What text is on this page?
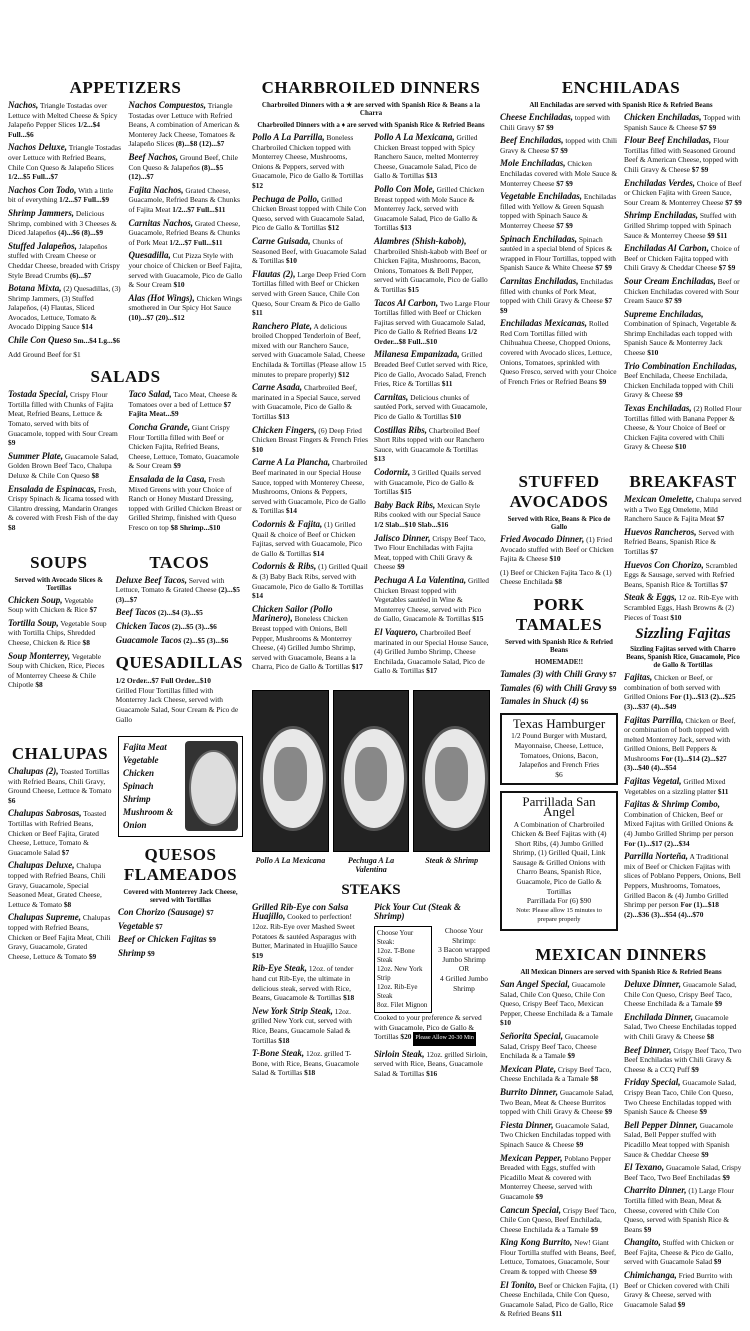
APPETIZERS
Nachos, Triangle Tostadas over Lettuce with Melted Cheese & Spicy Jalapeño Pepper Slices 1/2...$4 Full...$6
Nachos Deluxe, Triangle Tostadas over Lettuce with Refried Beans, Chile Con Queso & Jalapeño Slices 1/2...$5 Full...$7
Nachos Con Todo, With a little bit of everything 1/2...$7 Full...$9
Shrimp Jammers, Delicious Shrimp, combined with 3 Cheeses & Diced Jalapeños (4)...$6 (8)...$9
Stuffed Jalapeños, Jalapeños stuffed with Cream Cheese or Cheddar Cheese, breaded with Crispy Style Bread Crumbs (6)...$7
Botana Mixta, (2) Quesadillas, (3) Shrimp Jammers, (3) Stuffed Jalapeños, (4) Flautas, Sliced Avocados, Lettuce, Tomato & Avocado Dipping Sauce $14
Chile Con Queso Sm...$4 Lg...$6
Nachos Compuestos, Triangle Tostadas over Lettuce with Refried Beans, A combination of American & Monterey Jack Cheese, Tomatoes & Jalapeño Slices (8)...$8 (12)...$7
Beef Nachos, Ground Beef, Chile Con Queso & Jalapeños (8)...$5 (12)...$7
Fajita Nachos, Grated Cheese, Guacamole, Refried Beans & Chunks of Fajita Meat 1/2...$7 Full...$11
Carnitas Nachos, Grated Cheese, Guacamole, Refried Beans & Chunks of Pork Meat 1/2...$7 Full...$11
Quesadilla, Cut Pizza Style with your choice of Chicken or Beef Fajita, served with Guacamole, Pico de Gallo & Sour Cream $10
Alas (Hot Wings), Chicken Wings smothered in Our Spicy Hot Sauce (10)...$7 (20)...$12
Add Ground Beef for $1
SALADS
Tostada Special, Crispy Flour Tortilla filled with Chunks of Fajita Meat, Refried Beans, Lettuce & Tomato, served with bits of Guacamole, topped with Sour Cream $9
Summer Plate, Guacamole Salad, Golden Brown Beef Taco, Chalupa Deluxe & Chile Con Queso $8
Ensalada de Espinacas, Fresh, Crispy Spinach & Jicama tossed with Cilantro dressing, Mandarin Oranges & covered with Fresh Fish of the day $8
Taco Salad, Taco Meat, Cheese & Tomatoes over a bed of Lettuce $7 Fajita Meat...$9
Concha Grande, Giant Crispy Flour Tortilla filled with Beef or Chicken Fajita, Refried Beans, Cheese, Lettuce, Tomato, Guacamole & Sour Cream $9
Ensalada de la Casa, Fresh Mixed Greens with your Choice of Ranch or Honey Mustard Dressing, topped with Grilled Chicken Breast or Grilled Shrimp, finished with Queso Fresco on top $8 Shrimp...$10
SOUPS
Served with Avocado Slices & Tortillas
Chicken Soup, Vegetable Soup with Chicken & Rice $7
Tortilla Soup, Vegetable Soup with Tortilla Chips, Shredded Cheese, Chicken & Rice $8
Soup Monterrey, Vegetable Soup with Chicken, Rice, Pieces of Monterrey Cheese & Chile Chipotle $8
TACOS
Deluxe Beef Tacos, Served with Lettuce, Tomato & Grated Cheese (2)...$5 (3)...$7
Beef Tacos (2)...$4 (3)...$5
Chicken Tacos (2)...$5 (3)...$6
Guacamole Tacos (2)...$5 (3)...$6
QUESADILLAS
1/2 Order...$7 Full Order...$10
Grilled Flour Tortillas filled with Monterrey Jack Cheese, served with Guacamole Salad, Sour Cream & Pico de Gallo
CHALUPAS
Chalupas (2), Toasted Tortillas with Refried Beans, Chili Gravy, Ground Cheese, Lettuce & Tomato $6
Chalupas Sabrosas, Toasted Tortillas with Refried Beans, Chicken or Beef Fajita, Grated Cheese, Lettuce, Tomato & Guacamole Salad $7
Chalupas Deluxe, Chalupa topped with Refried Beans, Chili Gravy, Guacamole, Special Seasoned Meat, Grated Cheese, Lettuce & Tomato $8
Chalupas Supreme, Chalupas topped with Refried Beans, Chicken or Beef Fajita Meat, Chili Gravy, Guacamole, Grated Cheese, Lettuce & Tomato $9
Fajita Meat
Vegetable
Chicken
Spinach
Shrimp
Mushroom & Onion
QUESOS FLAMEADOS
Covered with Monterrey Jack Cheese, served with Tortillas
Con Chorizo (Sausage) $7
Vegetable $7
Beef or Chicken Fajitas $9
Shrimp $9
CHARBROILED DINNERS
Charbroiled Dinners with a ★ are served with Spanish Rice & Beans a la Charra
Charbroiled Dinners with a ♦ are served with Spanish Rice & Refried Beans
Pollo A La Parrilla, Boneless Charbroiled Chicken topped with Monterrey Cheese, Mushrooms, Onions & Peppers, served with Guacamole, Pico de Gallo & Tortillas $12
Pechuga de Pollo, Grilled Chicken Breast topped with Chile Con Queso, served with Guacamole Salad, Pico de Gallo & Tortillas $12
Carne Guisada, Chunks of Seasoned Beef, with Guacamole Salad & Tortillas $10
Flautas (2), Large Deep Fried Corn Tortillas filled with Beef or Chicken served with Green Sauce, Chile Con Queso, Sour Cream & Pico de Gallo $11
Ranchero Plate, A delicious broiled Chopped Tenderloin of Beef, mixed with our Ranchero Sauce, served with Guacamole Salad, Cheese Enchilada & Tortillas (Please allow 15 minutes to prepare properly) $12
Carne Asada, Charbroiled Beef, marinated in a Special Sauce, served with Guacamole, Pico de Gallo & Tortillas $13
Chicken Fingers, (6) Deep Fried Chicken Breast Fingers & French Fries $10
Carne A La Plancha, Charbroiled Beef marinated in our Special House Sauce, topped with Monterey Cheese, Mushrooms, Onions & Peppers, served with Guacamole, Pico de Gallo & Tortillas $14
Codornis & Fajita, (1) Grilled Quail & choice of Beef or Chicken Fajitas, served with Guacamole, Pico de Gallo & Tortillas $14
Codornis & Ribs, (1) Grilled Quail & (3) Baby Back Ribs, served with Guacamole, Pico de Gallo & Tortillas $14
Chicken Sailor (Pollo Marinero), Boneless Chicken Breast topped with Onions, Bell Pepper, Mushrooms & Monterrey Cheese, (4) Grilled Jumbo Shrimp, served with Guacamole, Beans a la Charra, Pico de Gallo & Tortillas $17
Pollo A La Mexicana, Grilled Chicken Breast topped with Spicy Ranchero Sauce, melted Monterrey Cheese, Guacamole Salad, Pico de Gallo & Tortillas $13
Pollo Con Mole, Grilled Chicken Breast topped with Mole Sauce & Monterrey Jack, served with Guacamole Salad, Pico de Gallo & Tortillas $13
Alambres (Shish-kabob), Charbroiled Shish-kabob with Beef or Chicken Fajita, Mushrooms, Bacon, Onions, Tomatoes & Bell Pepper, served with Guacamole, Pico de Gallo & Tortillas $15
Tacos Al Carbon, Two Large Flour Tortillas filled with Beef or Chicken Fajitas served with Guacamole Salad, Pico de Gallo & Refried Beans 1/2 Order...$8 Full...$10
Milanesa Empanizada, Grilled Breaded Beef Cutlet served with Rice, Pico de Gallo, Avocado Salad, French Fries, Rice & Tortillas $11
Carnitas, Delicious chunks of sautéed Pork, served with Guacamole, Pico de Gallo & Tortillas $10
Costillas Ribs, Charbroiled Beef Short Ribs topped with our Ranchero Sauce, with Guacamole & Tortillas $13
Codorniz, 3 Grilled Quails served with Guacamole, Pico de Gallo & Tortillas $15
Baby Back Ribs, Mexican Style Ribs cooked with our Special Sauce 1/2 Slab...$10 Slab...$16
Jalisco Dinner, Crispy Beef Taco, Two Flour Enchiladas with Fajita Meat, topped with Chili Gravy & Cheese $9
Pechuga A La Valentina, Grilled Chicken Breast topped with Vegetables sautéed in Wine & Monterrey Cheese, served with Pico de Gallo, Guacamole & Tortillas $15
El Vaquero, Charbroiled Beef marinated in our Special House Sauce, (4) Grilled Jumbo Shrimp, Cheese Enchilada, Guacamole Salad, Pico de Gallo & Tortillas $17
Pollo A La Mexicana	Pechuga A La Valentina
Steak & Shrimp
STEAKS
Grilled Rib-Eye con Salsa Huajillo, Cooked to perfection! 12oz. Rib-Eye over Mashed Sweet Potatoes & sautéed Asparagus with Butter, Marinated in Huajillo Sauce $19
Rib-Eye Steak, 12oz. of tender hand cut Rib-Eye, the ultimate in delicious steak, served with Rice, Beans, Guacamole & Tortillas $18
New York Strip Steak, 12oz. grilled New York cut, served with Rice, Beans, Guacamole Salad & Tortillas $18
T-Bone Steak, 12oz. grilled T-Bone, with Rice, Beans, Guacamole Salad & Tortillas $18
Pick Your Cut (Steak & Shrimp)
Choose Your Steak:
12oz. T-Bone Steak
12oz. New York Strip
12oz. Rib-Eye Steak
8oz. Filet Mignon
Choose Your Shrimp:
3 Bacon wrapped Jumbo Shrimp
OR
4 Grilled Jumbo Shrimp
Cooked to your preference & served with Guacamole, Pico de Gallo & Tortillas $20 Please Allow 20-30 Min
Sirloin Steak, 12oz. grilled Sirloin, served with Rice, Beans, Guacamole Salad & Tortillas $16
ENCHILADAS
All Enchiladas are served with Spanish Rice & Refried Beans
Cheese Enchiladas, topped with Chili Gravy $7 $9
Beef Enchiladas, topped with Chili Gravy & Cheese $7 $9
Mole Enchiladas, Chicken Enchiladas covered with Mole Sauce & Monterrey Cheese $7 $9
Vegetable Enchiladas, Enchiladas filled with Yellow & Green Squash topped with Spinach Sauce & Monterrey Cheese $7 $9
Spinach Enchiladas, Spinach sautéed in a special blend of Spices & wrapped in Flour Tortillas, topped with Spanish Sauce & White Cheese $7 $9
Carnitas Enchiladas, Enchiladas filled with chunks of Pork Meat, topped with Chili Gravy & Cheese $7 $9
Enchiladas Mexicanas, Rolled Red Corn Tortillas filled with Chihuahua Cheese, Chopped Onions, covered with Avocado slices, Lettuce, Onions, Tomatoes, sprinkled with Queso Fresco, served with your Choice of French Fries or Refried Beans $9
Chicken Enchiladas, Topped with Spanish Sauce & Cheese $7 $9
Flour Beef Enchiladas, Flour Tortillas filled with Seasoned Ground Beef & American Cheese, topped with Chili Gravy & Cheese $7 $9
Enchiladas Verdes, Choice of Beef or Chicken Fajita with Green Sauce, Sour Cream & Monterrey Cheese $7 $9
Shrimp Enchiladas, Stuffed with Grilled Shrimp topped with Spinach Sauce & Monterrey Cheese $9 $11
Enchiladas Al Carbon, Choice of Beef or Chicken Fajita topped with Chili Gravy & Cheddar Cheese $7 $9
Sour Cream Enchiladas, Beef or Chicken Enchiladas covered with Sour Cream Sauce $7 $9
Supreme Enchiladas, Combination of Spinach, Vegetable & Shrimp Enchiladas each topped with Spanish Sauce & Monterrey Jack Cheese $10
Trio Combination Enchiladas, Beef Enchilada, Cheese Enchilada, Chicken Enchilada topped with Chili Gravy & Cheese $9
Texas Enchiladas, (2) Rolled Flour Tortillas filled with Banana Pepper & Cheese, & Your Choice of Beef or Chicken Fajita covered with Chili Gravy & Cheese $10
STUFFED AVOCADOS
Served with Rice, Beans & Pico de Gallo
Fried Avocado Dinner, (1) Fried Avocado stuffed with Beef or Chicken Fajita & Cheese $10
(1) Beef or Chicken Fajita Taco & (1) Cheese Enchilada $8
PORK TAMALES
Served with Spanish Rice & Refried Beans
HOMEMADE!!
Tamales (3) with Chili Gravy $7
Tamales (6) with Chili Gravy $9
Tamales in Shuck (4) $6
Texas Hamburger
1/2 Pound Burger with Mustard, Mayonnaise, Cheese, Lettuce, Tomatoes, Onions, Bacon, Jalapeños and French Fries
$6
Parrillada San Angel
A Combination of Charbroiled Chicken & Beef Fajitas with (4) Short Ribs, (4) Jumbo Grilled Shrimp, (1) Grilled Quail, Link Sausage & Grilled Onions with Charro Beans, Spanish Rice, Guacamole, Pico de Gallo & Tortillas
Parrillada For (6) $90
Note: Please allow 15 minutes to prepare properly
BREAKFAST
Mexican Omelette, Chalupa served with a Two Egg Omelette, Mild Ranchero Sauce & Fajita Meat $7
Huevos Rancheros, Served with Refried Beans, Spanish Rice & Tortillas $7
Huevos Con Chorizo, Scrambled Eggs & Sausage, served with Refried Beans, Spanish Rice & Tortillas $7
Steak & Eggs, 12 oz. Rib-Eye with Scrambled Eggs, Hash Browns & (2) Pieces of Toast $10
Sizzling Fajitas
Sizzling Fajitas served with Charro Beans, Spanish Rice, Guacamole, Pico de Gallo & Tortillas
Fajitas, Chicken or Beef, or combination of both served with Grilled Onions For (1)...$13 (2)...$25 (3)...$37 (4)...$49
Fajitas Parrilla, Chicken or Beef, or combination of both topped with melted Monterrey Jack, served with Grilled Onions, Bell Peppers & Mushrooms For (1)...$14 (2)...$27 (3)...$40 (4)...$54
Fajitas Vegetal, Grilled Mixed Vegetables on a sizzling platter $11
Fajitas & Shrimp Combo, Combination of Chicken, Beef or Mixed Fajitas with Grilled Onions & (4) Jumbo Grilled Shrimp per person For (1)...$17 (2)...$34
Parrilla Norteña, A Traditional mix of Beef or Chicken Fajitas with slices of Poblano Peppers, Onions, Bell Peppers, Mushrooms, Tomatoes, Grilled Bacon & (4) Jumbo Grilled Shrimp per person For (1)...$18 (2)...$36 (3)...$54 (4)...$70
MEXICAN DINNERS
All Mexican Dinners are served with Spanish Rice & Refried Beans
San Angel Special, Guacamole Salad, Chile Con Queso, Chile Con Queso, Crispy Beef Taco, Mexican Pepper, Cheese Enchilada & a Tamale $10
Señorita Special, Guacamole Salad, Crispy Beef Taco, Cheese Enchilada & a Tamale $9
Mexican Plate, Crispy Beef Taco, Cheese Enchilada & a Tamale $8
Burrito Dinner, Guacamole Salad, Two Bean, Meat & Cheese Burritos topped with Chili Gravy & Cheese $9
Fiesta Dinner, Guacamole Salad, Two Chicken Enchiladas topped with Spinach Sauce & Cheese $9
Mexican Pepper, Poblano Pepper Breaded with Eggs, stuffed with Picadillo Meat & covered with Monterrey Cheese, served with Guacamole $9
Cancun Special, Crispy Beef Taco, Chile Con Queso, Beef Enchilada, Cheese Enchilada & a Tamale $9
King Kong Burrito, New! Giant Flour Tortilla stuffed with Beans, Beef, Lettuce, Tomatoes, Guacamole, Sour Cream & topped with Cheese $9
El Tonito, Beef or Chicken Fajita, (1) Cheese Enchilada, Chile Con Queso, Guacamole Salad, Pico de Gallo, Rice & Refried Beans $11
Deluxe Dinner, Guacamole Salad, Chile Con Queso, Crispy Beef Taco, Cheese Enchilada & a Tamale $9
Enchilada Dinner, Guacamole Salad, Two Cheese Enchiladas topped with Chili Gravy & Cheese $8
Beef Dinner, Crispy Beef Taco, Two Beef Enchiladas with Chili Gravy & Cheese & a CCQ Puff $9
Friday Special, Guacamole Salad, Crispy Bean Taco, Chile Con Queso, Two Cheese Enchiladas topped with Spanish Sauce & Cheese $9
Bell Pepper Dinner, Guacamole Salad, Bell Pepper stuffed with Picadillo Meat topped with Spanish Sauce & Cheddar Cheese $9
El Texano, Guacamole Salad, Crispy Beef Taco, Two Beef Enchiladas $9
Charrito Dinner, (1) Large Flour Tortilla filled with Bean, Meat & Cheese, covered with Chile Con Queso, served with Spanish Rice & Beans $9
Changito, Stuffed with Chicken or Beef Fajita, Cheese & Pico de Gallo, served with Guacamole Salad $9
Chimichanga, Fried Burrito with Beef or Chicken covered with Chili Gravy & Cheese, served with Guacamole Salad $9
